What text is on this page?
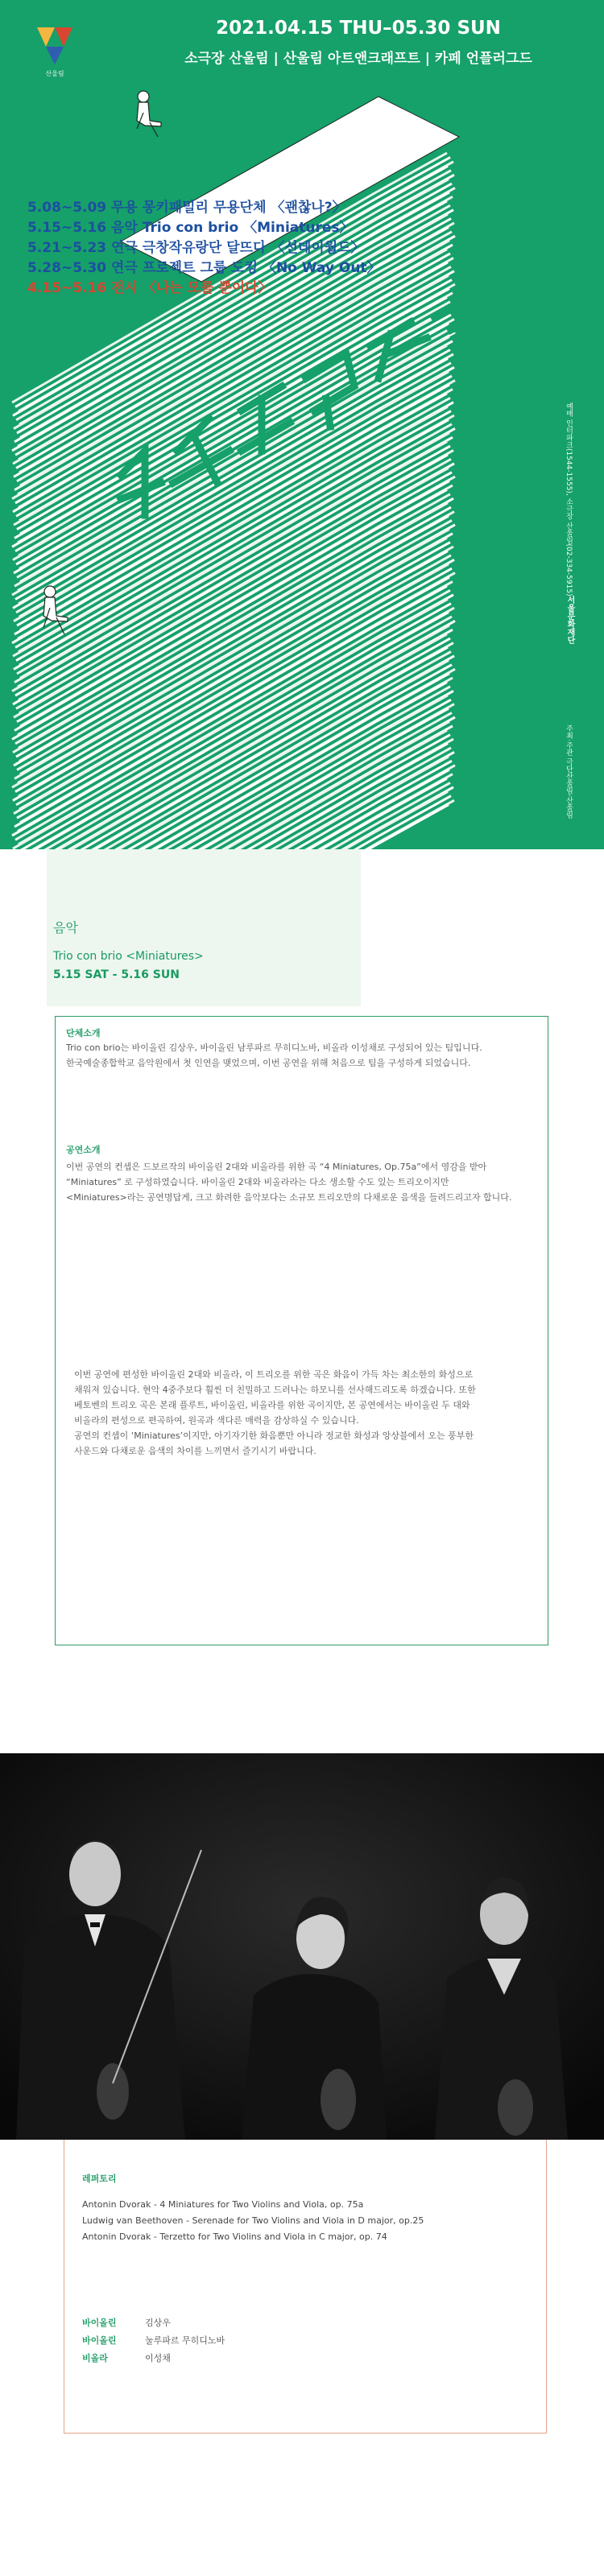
산울림
2021.04.15 THU–05.30 SUN
소극장 산울림 | 산울림 아트앤크래프트 | 카페 언플러그드
5.08~5.09 무용 몽키패밀리 무용단체 〈괜찮나?〉
5.15~5.16 음악 Trio con brio 〈Miniatures〉
5.21~5.23 연극 극창작유랑단 달뜨다 〈선데이월드〉
5.28~5.30 연극 프로젝트 그룹 도킹 〈No Way Out〉
4.15~5.16 전시 〈나는 모를 뿐이다〉
예매 인터파크(1544-1555), 소극장 산울림(02-334-5915)
주최·주관 극단산울림·산울림
서울문화재단
음악
Trio con brio <Miniatures>
5.15 SAT - 5.16 SUN
단체소개
Trio con brio는 바이올린 김상우, 바이올린 남루파르 무히디노바, 비올라 이성채로 구성되어 있는 팀입니다.
한국예술종합학교 음악원에서 첫 인연을 맺었으며, 이번 공연을 위해 처음으로 팀을 구성하게 되었습니다.
공연소개
이번 공연의 컨셉은 드보르작의 바이올린 2대와 비올라를 위한 곡 “4 Miniatures, Op.75a”에서 영감을 받아
“Miniatures” 로 구성하였습니다. 바이올린 2대와 비올라라는 다소 생소할 수도 있는 트리오이지만
<Miniatures>라는 공연명답게, 크고 화려한 음악보다는 소규모 트리오만의 다채로운 음색을 들려드리고자 합니다.
이번 공연에 편성한 바이올린 2대와 비올라, 이 트리오를 위한 곡은 화음이 가득 차는 최소한의 화성으로
채워져 있습니다. 현악 4중주보다 훨씬 더 친밀하고 드러나는 하모니를 선사해드리도록 하겠습니다. 또한
베토벤의 트리오 곡은 본래 플루트, 바이올린, 비올라를 위한 곡이지만, 본 공연에서는 바이올린 두 대와
비올라의 편성으로 편곡하여, 원곡과 색다른 매력을 감상하실 수 있습니다.
공연의 컨셉이 ‘Miniatures’이지만, 아기자기한 화음뿐만 아니라 정교한 화성과 앙상블에서 오는 풍부한
사운드와 다채로운 음색의 차이를 느끼면서 즐기시기 바랍니다.
레퍼토리
Antonin Dvorak - 4 Miniatures for Two Violins and Viola, op. 75a
Ludwig van Beethoven - Serenade for Two Violins and Viola in D major, op.25
Antonin Dvorak - Terzetto for Two Violins and Viola in C major, op. 74
바이올린	김상우
바이올린	눌루파르 무히디노바
비올라	이성채
